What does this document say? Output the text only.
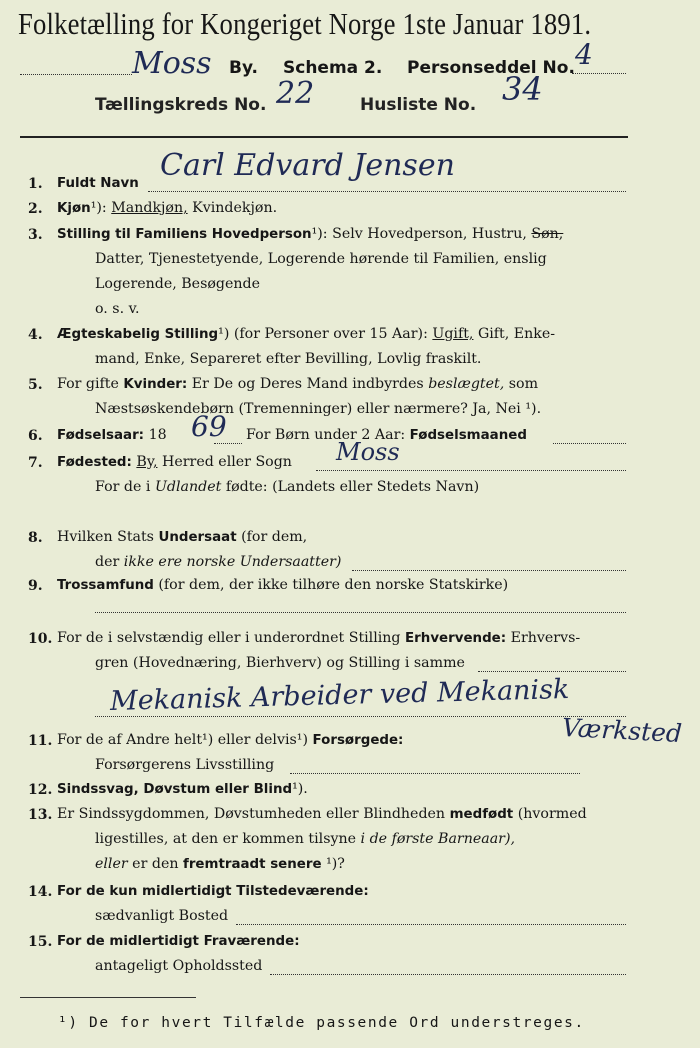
Folketælling for Kongeriget Norge 1ste Januar 1891.
Moss By. Schema 2. Personseddel No. 4
Tællingskreds No. 22	Husliste No. 34
1. Fuldt Navn
Carl Edvard Jensen
2. Kjøn¹): Mandkjøn, Kvindekjøn.
3. Stilling til Familiens Hovedperson¹): Selv Hovedperson, Hustru, Søn,
Datter, Tjenestetyende, Logerende hørende til Familien, enslig
Logerende, Besøgende
o. s. v.
4. Ægteskabelig Stilling¹) (for Personer over 15 Aar): Ugift, Gift, Enke-
mand, Enke, Separeret efter Bevilling, Lovlig fraskilt.
5. For gifte Kvinder: Er De og Deres Mand indbyrdes beslægtet, som
Næstsøskendebørn (Tremenninger) eller nærmere? Ja, Nei ¹).
6. Fødselsaar: 18 69 For Børn under 2 Aar: Fødselsmaaned
7. Fødested: By, Herred eller Sogn Moss
For de i Udlandet fødte: (Landets eller Stedets Navn)
8. Hvilken Stats Undersaat (for dem,
der ikke ere norske Undersaatter)
9. Trossamfund (for dem, der ikke tilhøre den norske Statskirke)
10. For de i selvstændig eller i underordnet Stilling Erhvervende: Erhvervs-
gren (Hovednæring, Bierhverv) og Stilling i samme
Mekanisk Arbeider ved Mekanisk
Værksted
11. For de af Andre helt¹) eller delvis¹) Forsørgede:
Forsørgerens Livsstilling
12. Sindssvag, Døvstum eller Blind¹).
13. Er Sindssygdommen, Døvstumheden eller Blindheden medfødt (hvormed
ligestilles, at den er kommen tilsyne i de første Barneaar),
eller er den fremtraadt senere ¹)?
14. For de kun midlertidigt Tilstedeværende:
sædvanligt Bosted
15. For de midlertidigt Fraværende:
antageligt Opholdssted
¹) De for hvert Tilfælde passende Ord understreges.
